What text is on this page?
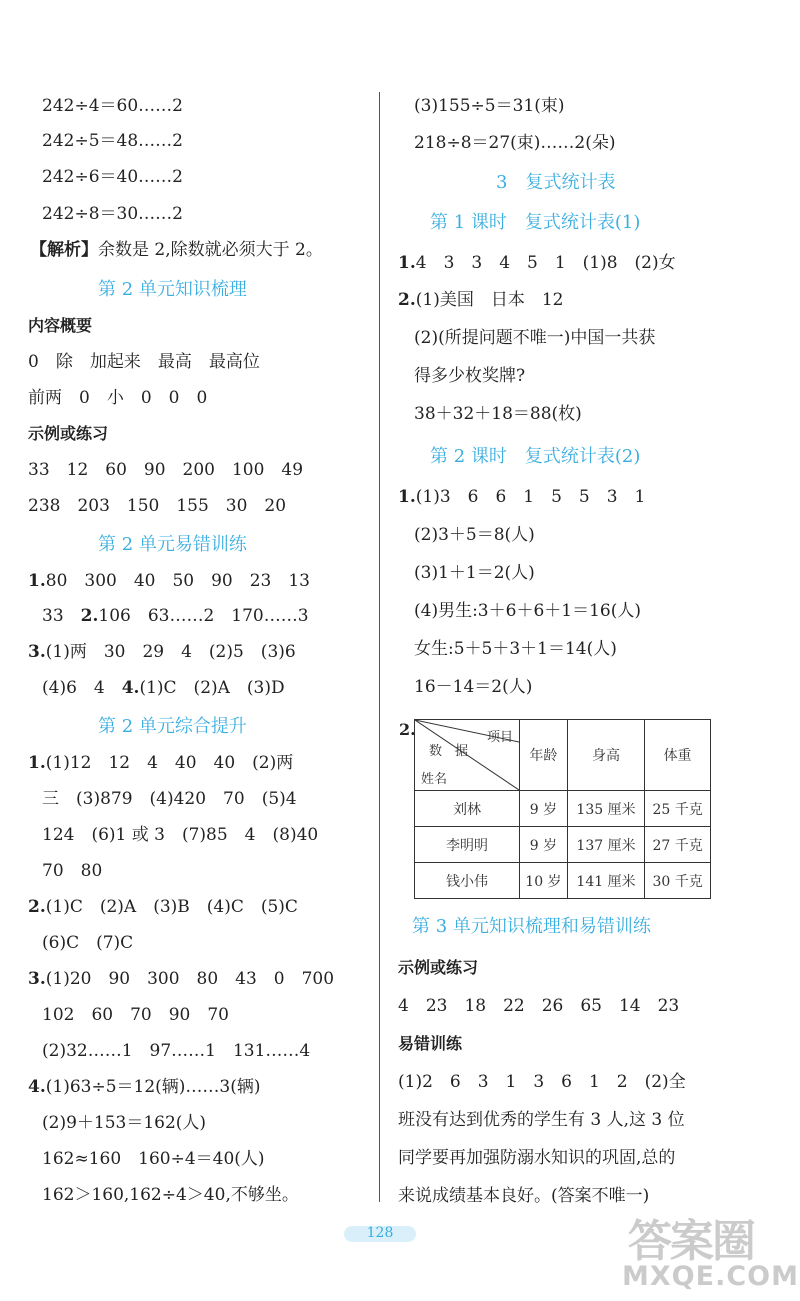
242÷4＝60……2
242÷5＝48……2
242÷6＝40……2
242÷8＝30……2
【解析】余数是 2,除数就必须大于 2。
第 2 单元知识梳理
内容概要
0　除　加起来　最高　最高位
前两　0　小　0　0　0
示例或练习
33　12　60　90　200　100　49
238　203　150　155　30　20
第 2 单元易错训练
1.80　300　40　50　90　23　13
33　2.106　63……2　170……3
3.(1)两　30　29　4　(2)5　(3)6
(4)6　4　4.(1)C　(2)A　(3)D
第 2 单元综合提升
1.(1)12　12　4　40　40　(2)两
三　(3)879　(4)420　70　(5)4
124　(6)1 或 3　(7)85　4　(8)40
70　80
2.(1)C　(2)A　(3)B　(4)C　(5)C
(6)C　(7)C
3.(1)20　90　300　80　43　0　700
102　60　70　90　70
(2)32……1　97……1　131……4
4.(1)63÷5＝12(辆)……3(辆)
(2)9＋153＝162(人)
162≈160　160÷4＝40(人)
162＞160,162÷4＞40,不够坐。
(3)155÷5＝31(束)
218÷8＝27(束)……2(朵)
3　复式统计表
第 1 课时　复式统计表(1)
1.4　3　3　4　5　1　(1)8　(2)女
2.(1)美国　日本　12
(2)(所提问题不唯一)中国一共获
得多少枚奖牌?
38＋32＋18＝88(枚)
第 2 课时　复式统计表(2)
1.(1)3　6　6　1　5　5　3　1
(2)3＋5＝8(人)
(3)1＋1＝2(人)
(4)男生:3＋6＋6＋1＝16(人)
女生:5＋5＋3＋1＝14(人)
16－14＝2(人)
2.	项目
数　据
姓名	年龄	身高	体重
刘林	9 岁	135 厘米	25 千克
李明明	9 岁	137 厘米	27 千克
钱小伟	10 岁	141 厘米	30 千克
第 3 单元知识梳理和易错训练
示例或练习
4　23　18　22　26　65　14　23
易错训练
(1)2　6　3　1　3　6　1　2　(2)全
班没有达到优秀的学生有 3 人,这 3 位
同学要再加强防溺水知识的巩固,总的
来说成绩基本良好。(答案不唯一)
128	答案圈
MXQE.COM
